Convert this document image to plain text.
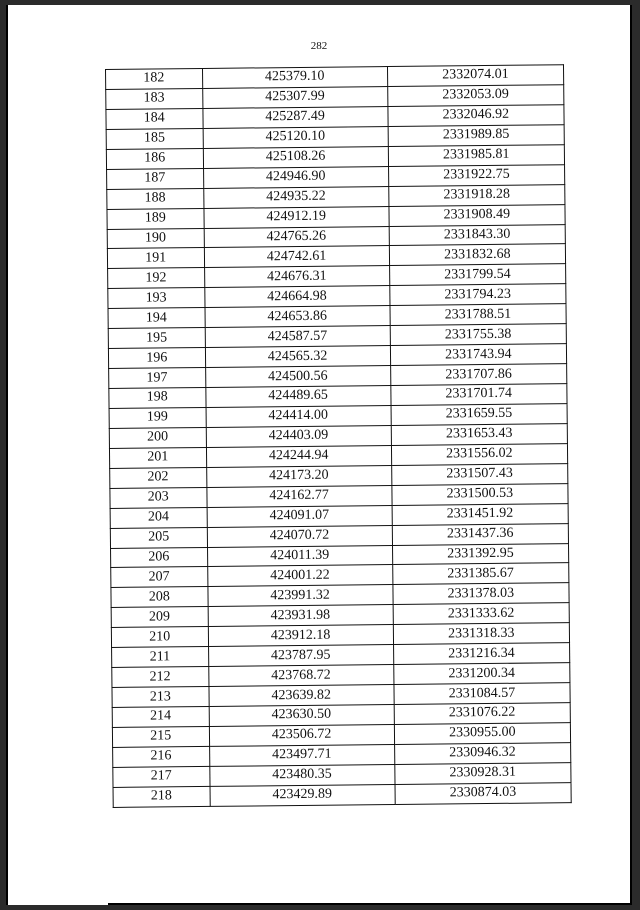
282
182	425379.10	2332074.01
183	425307.99	2332053.09
184	425287.49	2332046.92
185	425120.10	2331989.85
186	425108.26	2331985.81
187	424946.90	2331922.75
188	424935.22	2331918.28
189	424912.19	2331908.49
190	424765.26	2331843.30
191	424742.61	2331832.68
192	424676.31	2331799.54
193	424664.98	2331794.23
194	424653.86	2331788.51
195	424587.57	2331755.38
196	424565.32	2331743.94
197	424500.56	2331707.86
198	424489.65	2331701.74
199	424414.00	2331659.55
200	424403.09	2331653.43
201	424244.94	2331556.02
202	424173.20	2331507.43
203	424162.77	2331500.53
204	424091.07	2331451.92
205	424070.72	2331437.36
206	424011.39	2331392.95
207	424001.22	2331385.67
208	423991.32	2331378.03
209	423931.98	2331333.62
210	423912.18	2331318.33
211	423787.95	2331216.34
212	423768.72	2331200.34
213	423639.82	2331084.57
214	423630.50	2331076.22
215	423506.72	2330955.00
216	423497.71	2330946.32
217	423480.35	2330928.31
218	423429.89	2330874.03
